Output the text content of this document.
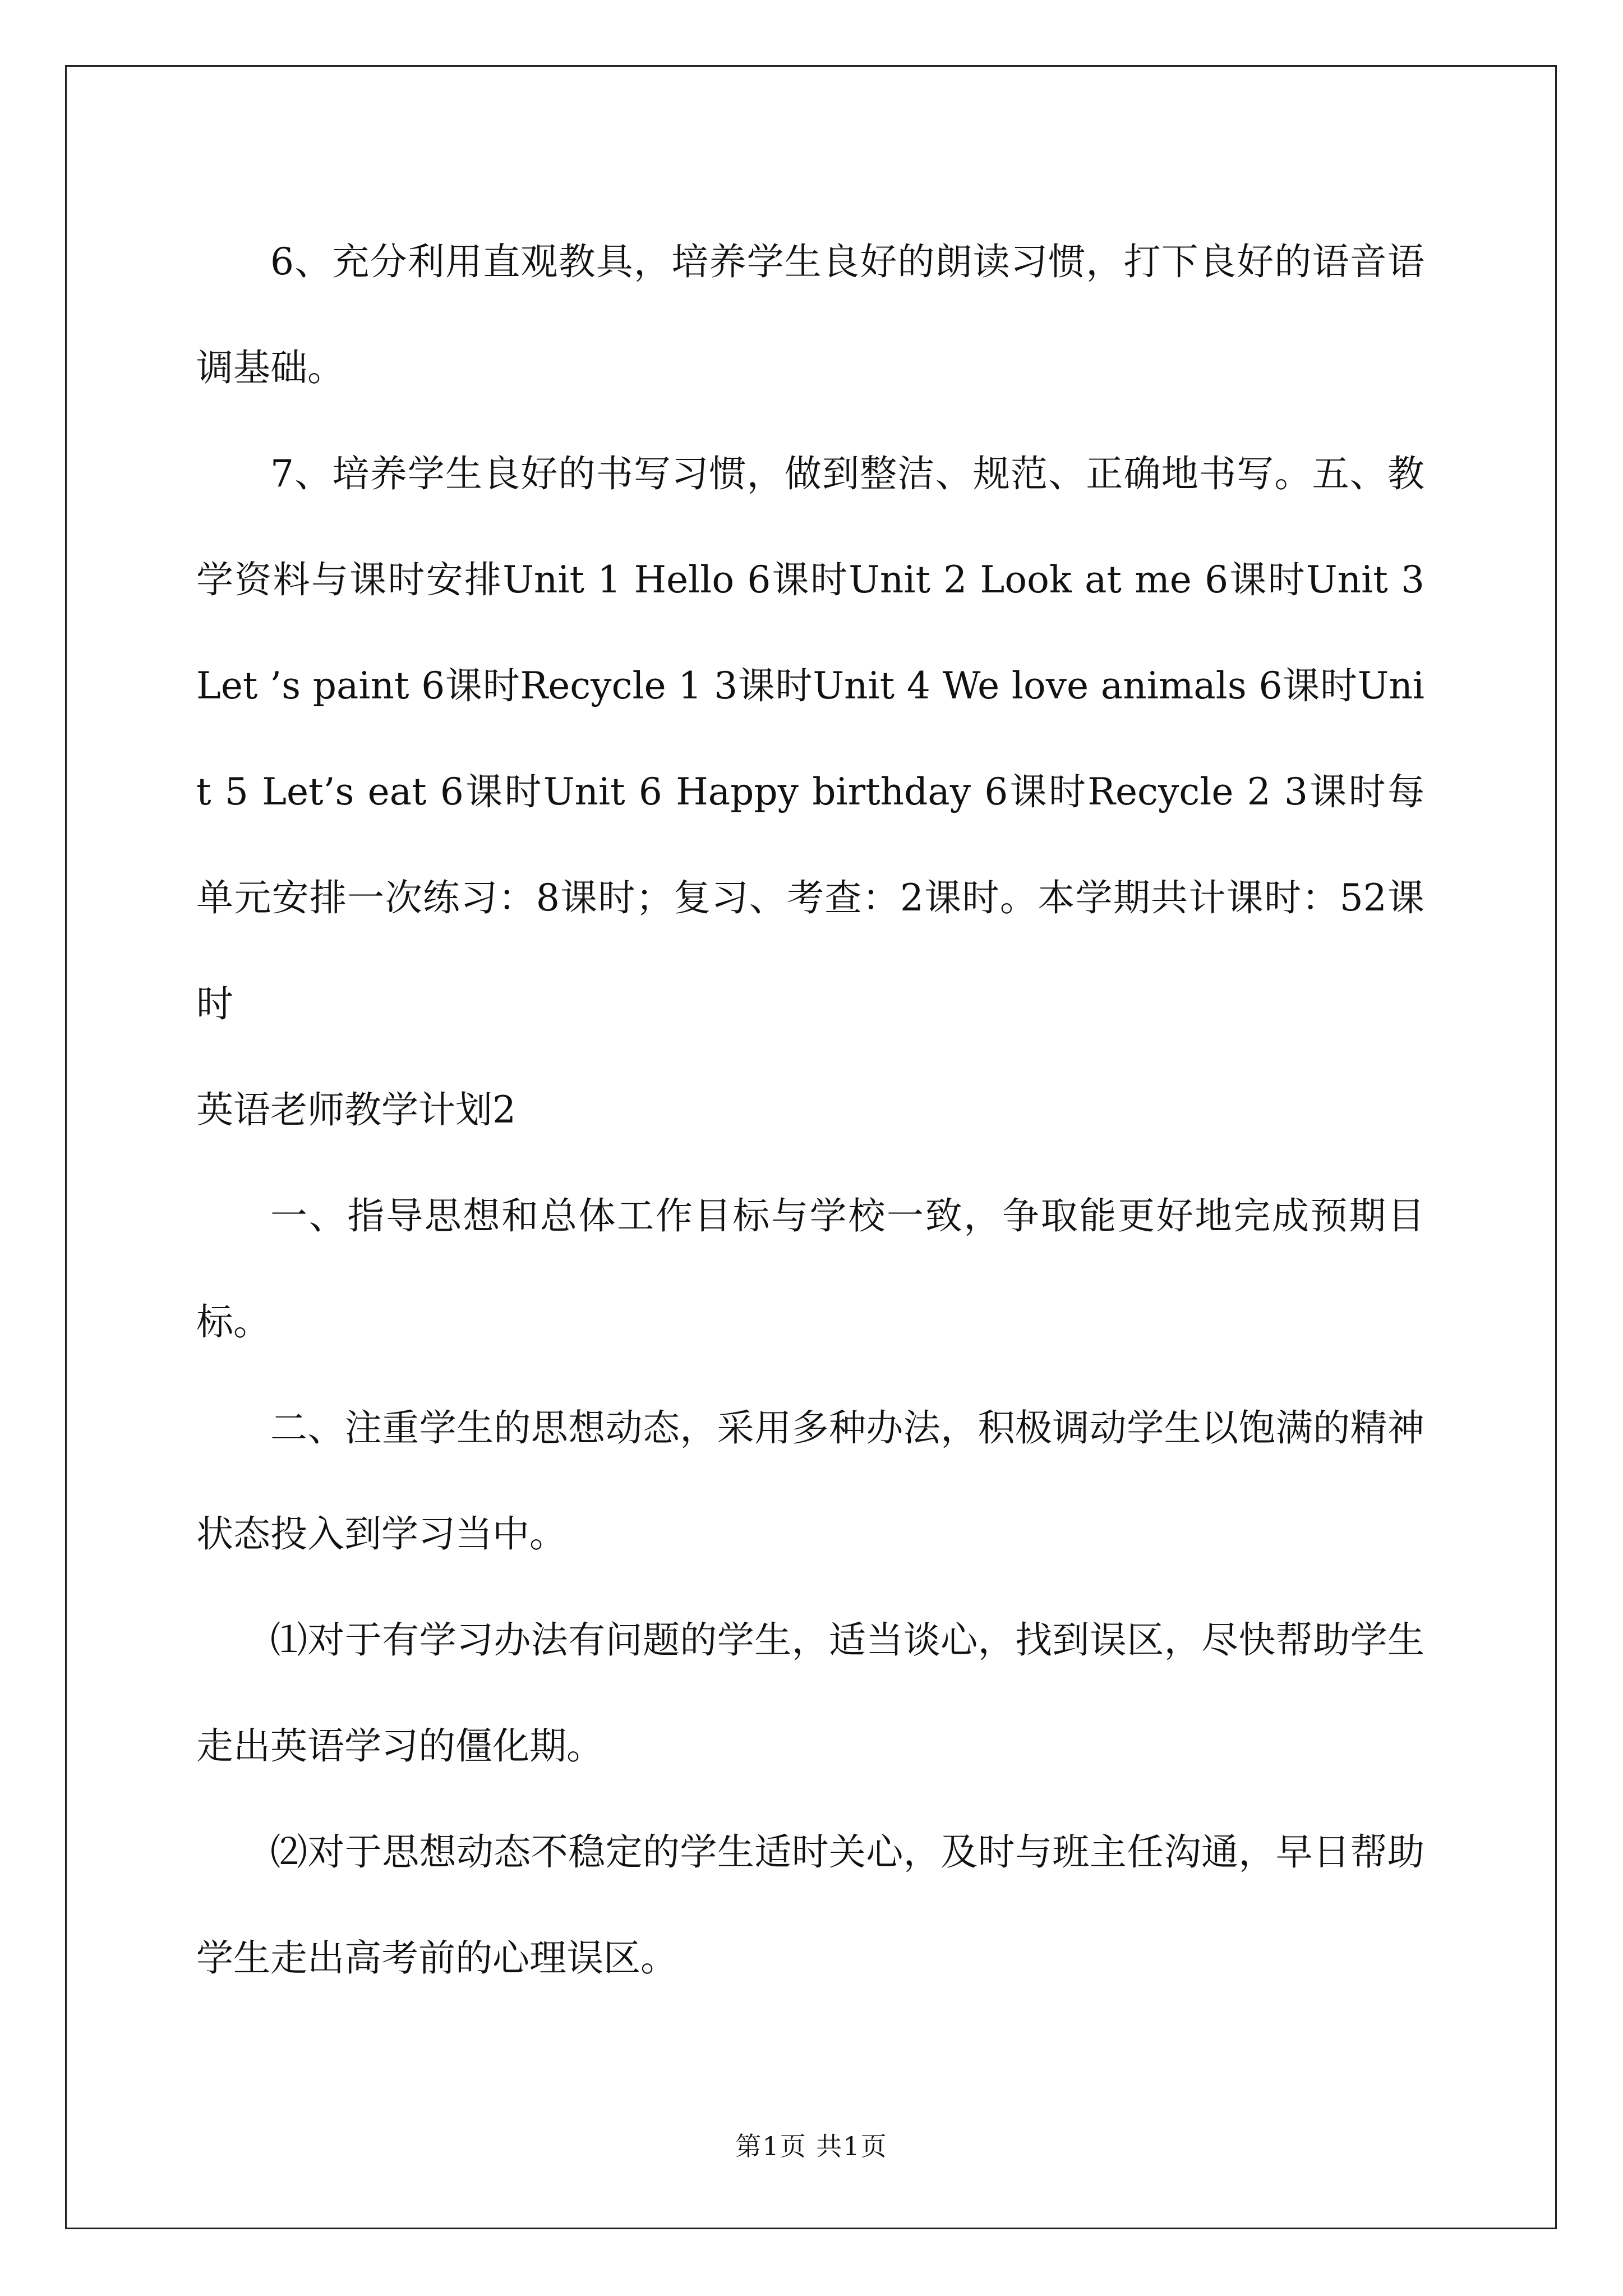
6、充分利用直观教具，培养学生良好的朗读习惯，打下良好的语音语调基础。

7、培养学生良好的书写习惯，做到整洁、规范、正确地书写。五、教学资料与课时安排Unit 1 Hello 6课时Unit 2 Look at me 6课时Unit 3 Let ’s paint 6课时Recycle 1 3课时Unit 4 We love animals 6课时Unit 5 Let’s eat 6课时Unit 6 Happy birthday 6课时Recycle 2 3课时每单元安排一次练习：8课时；复习、考查：2课时。本学期共计课时：52课时

英语老师教学计划2

一、指导思想和总体工作目标与学校一致，争取能更好地完成预期目标。

二、注重学生的思想动态，采用多种办法，积极调动学生以饱满的精神状态投入到学习当中。

⑴对于有学习办法有问题的学生，适当谈心，找到误区，尽快帮助学生走出英语学习的僵化期。

⑵对于思想动态不稳定的学生适时关心，及时与班主任沟通，早日帮助学生走出高考前的心理误区。

第1页 共1页
